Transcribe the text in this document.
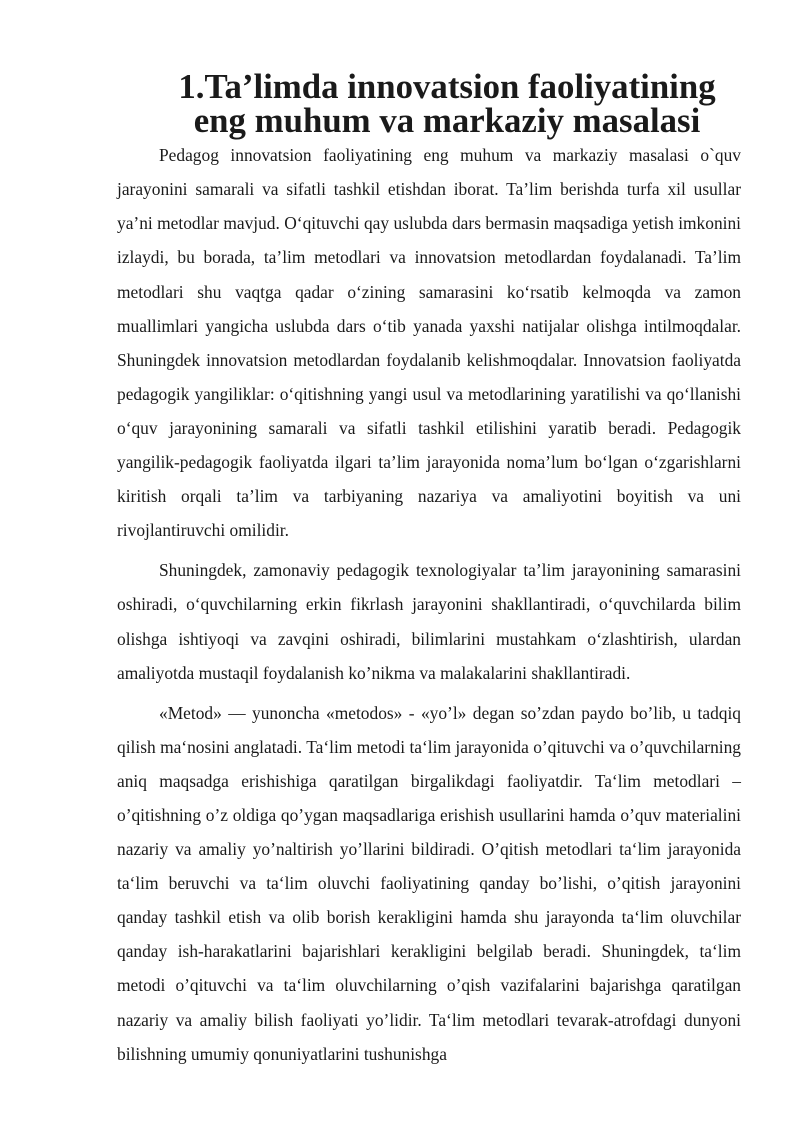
1.Ta’limda innovatsion faoliyatining eng muhum va markaziy masalasi

Pedagog innovatsion faoliyatining eng muhum va markaziy masalasi o`quv jarayonini samarali va sifatli tashkil etishdan iborat. Ta’lim berishda turfa xil usullar ya’ni metodlar mavjud. O‘qituvchi qay uslubda dars bermasin maqsadiga yetish imkonini izlaydi, bu borada, ta’lim metodlari va innovatsion metodlardan foydalanadi. Ta’lim metodlari shu vaqtga qadar o‘zining samarasini ko‘rsatib kelmoqda va zamon muallimlari yangicha uslubda dars o‘tib yanada yaxshi natijalar olishga intilmoqdalar. Shuningdek innovatsion metodlardan foydalanib kelishmoqdalar. Innovatsion faoliyatda pedagogik yangiliklar: o‘qitishning yangi usul va metodlarining yaratilishi va qo‘llanishi o‘quv jarayonining samarali va sifatli tashkil etilishini yaratib beradi. Pedagogik yangilik-pedagogik faoliyatda ilgari ta’lim jarayonida noma’lum bo‘lgan o‘zgarishlarni kiritish orqali ta’lim va tarbiyaning nazariya va amaliyotini boyitish va uni rivojlantiruvchi omilidir.

Shuningdek, zamonaviy pedagogik texnologiyalar ta’lim jarayonining samarasini oshiradi, o‘quvchilarning erkin fikrlash jarayonini shakllantiradi, o‘quvchilarda bilim olishga ishtiyoqi va zavqini oshiradi, bilimlarini mustahkam o‘zlashtirish, ulardan amaliyotda mustaqil foydalanish ko’nikma va malakalarini shakllantiradi.

«Metod» — yunoncha «metodos» - «yo’l» degan so’zdan paydo bo’lib, u tadqiq qilish ma‘nosini anglatadi. Ta‘lim metodi ta‘lim jarayonida o’qituvchi va o’quvchilarning aniq maqsadga erishishiga qaratilgan birgalikdagi faoliyatdir. Ta‘lim metodlari – o’qitishning o’z oldiga qo’ygan maqsadlariga erishish usullarini hamda o’quv materialini nazariy va amaliy yo’naltirish yo’llarini bildiradi. O’qitish metodlari ta‘lim jarayonida ta‘lim beruvchi va ta‘lim oluvchi faoliyatining qanday bo’lishi, o’qitish jarayonini qanday tashkil etish va olib borish kerakligini hamda shu jarayonda ta‘lim oluvchilar qanday ish-harakatlarini bajarishlari kerakligini belgilab beradi. Shuningdek, ta‘lim metodi o’qituvchi va ta‘lim oluvchilarning o’qish vazifalarini bajarishga qaratilgan nazariy va amaliy bilish faoliyati yo’lidir. Ta‘lim metodlari tevarak-atrofdagi dunyoni bilishning umumiy qonuniyatlarini tushunishga
